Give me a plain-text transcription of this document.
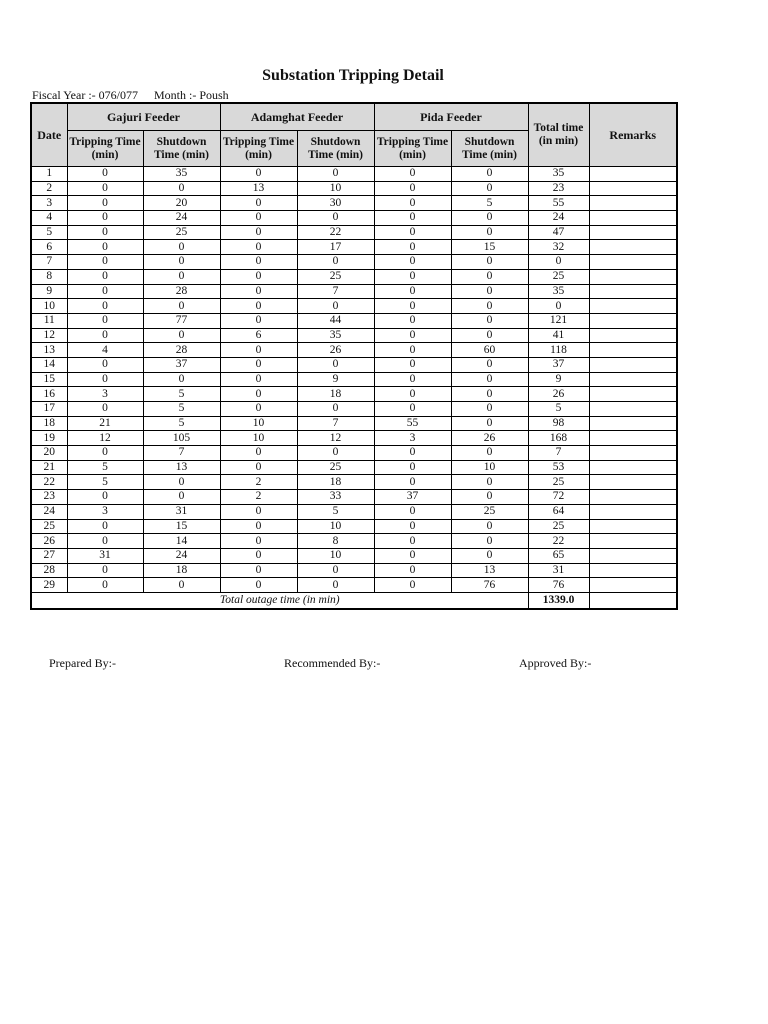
Substation Tripping Detail
Fiscal Year :- 076/077 Month :- Poush
Date	Gajuri Feeder		Adamghat Feeder		Pida Feeder		Total time (in min)	Remarks
	Tripping Time (min)	Shutdown Time (min)	Tripping Time (min)	Shutdown Time (min)	Tripping Time (min)	Shutdown Time (min)		
1	0	35	0	0	0	0	35	
2	0	0	13	10	0	0	23	
3	0	20	0	30	0	5	55	
4	0	24	0	0	0	0	24	
5	0	25	0	22	0	0	47	
6	0	0	0	17	0	15	32	
7	0	0	0	0	0	0	0	
8	0	0	0	25	0	0	25	
9	0	28	0	7	0	0	35	
10	0	0	0	0	0	0	0	
11	0	77	0	44	0	0	121	
12	0	0	6	35	0	0	41	
13	4	28	0	26	0	60	118	
14	0	37	0	0	0	0	37	
15	0	0	0	9	0	0	9	
16	3	5	0	18	0	0	26	
17	0	5	0	0	0	0	5	
18	21	5	10	7	55	0	98	
19	12	105	10	12	3	26	168	
20	0	7	0	0	0	0	7	
21	5	13	0	25	0	10	53	
22	5	0	2	18	0	0	25	
23	0	0	2	33	37	0	72	
24	3	31	0	5	0	25	64	
25	0	15	0	10	0	0	25	
26	0	14	0	8	0	0	22	
27	31	24	0	10	0	0	65	
28	0	18	0	0	0	13	31	
29	0	0	0	0	0	76	76	
Total outage time (in min)							1339.0	
Prepared By:-	Recommended By:-	Approved By:-
